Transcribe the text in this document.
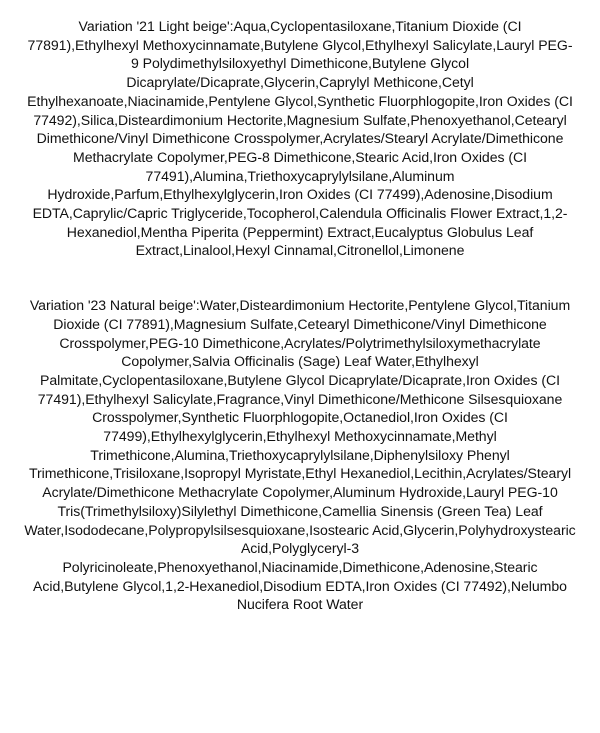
Variation '21 Light beige':Aqua,Cyclopentasiloxane,Titanium Dioxide (CI 77891),Ethylhexyl Methoxycinnamate,Butylene Glycol,Ethylhexyl Salicylate,Lauryl PEG-9 Polydimethylsiloxyethyl Dimethicone,Butylene Glycol Dicaprylate/Dicaprate,Glycerin,Caprylyl Methicone,Cetyl Ethylhexanoate,Niacinamide,Pentylene Glycol,Synthetic Fluorphlogopite,Iron Oxides (CI 77492),Silica,Disteardimonium Hectorite,Magnesium Sulfate,Phenoxyethanol,Cetearyl Dimethicone/Vinyl Dimethicone Crosspolymer,Acrylates/Stearyl Acrylate/Dimethicone Methacrylate Copolymer,PEG-8 Dimethicone,Stearic Acid,Iron Oxides (CI 77491),Alumina,Triethoxycaprylylsilane,Aluminum Hydroxide,Parfum,Ethylhexylglycerin,Iron Oxides (CI 77499),Adenosine,Disodium EDTA,Caprylic/Capric Triglyceride,Tocopherol,Calendula Officinalis Flower Extract,1,2-Hexanediol,Mentha Piperita (Peppermint) Extract,Eucalyptus Globulus Leaf Extract,Linalool,Hexyl Cinnamal,Citronellol,Limonene

Variation '23 Natural beige':Water,Disteardimonium Hectorite,Pentylene Glycol,Titanium Dioxide (CI 77891),Magnesium Sulfate,Cetearyl Dimethicone/Vinyl Dimethicone Crosspolymer,PEG-10 Dimethicone,Acrylates/Polytrimethylsiloxymethacrylate Copolymer,Salvia Officinalis (Sage) Leaf Water,Ethylhexyl Palmitate,Cyclopentasiloxane,Butylene Glycol Dicaprylate/Dicaprate,Iron Oxides (CI 77491),Ethylhexyl Salicylate,Fragrance,Vinyl Dimethicone/Methicone Silsesquioxane Crosspolymer,Synthetic Fluorphlogopite,Octanediol,Iron Oxides (CI 77499),Ethylhexylglycerin,Ethylhexyl Methoxycinnamate,Methyl Trimethicone,Alumina,Triethoxycaprylylsilane,Diphenylsiloxy Phenyl Trimethicone,Trisiloxane,Isopropyl Myristate,Ethyl Hexanediol,Lecithin,Acrylates/Stearyl Acrylate/Dimethicone Methacrylate Copolymer,Aluminum Hydroxide,Lauryl PEG-10 Tris(Trimethylsiloxy)Silylethyl Dimethicone,Camellia Sinensis (Green Tea) Leaf Water,Isododecane,Polypropylsilsesquioxane,Isostearic Acid,Glycerin,Polyhydroxystearic Acid,Polyglyceryl-3 Polyricinoleate,Phenoxyethanol,Niacinamide,Dimethicone,Adenosine,Stearic Acid,Butylene Glycol,1,2-Hexanediol,Disodium EDTA,Iron Oxides (CI 77492),Nelumbo Nucifera Root Water
